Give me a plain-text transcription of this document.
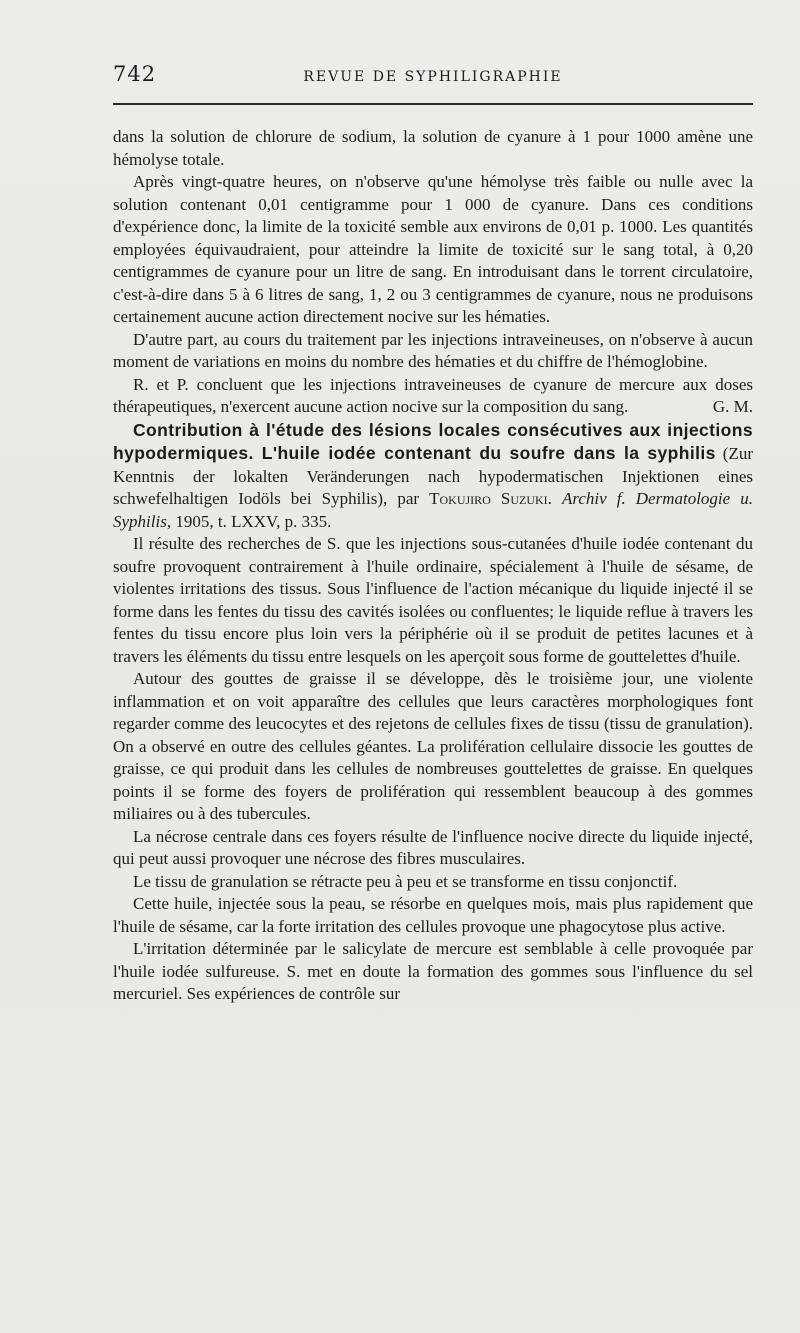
742	REVUE DE SYPHILIGRAPHIE

dans la solution de chlorure de sodium, la solution de cyanure à 1 pour 1000 amène une hémolyse totale.

Après vingt-quatre heures, on n'observe qu'une hémolyse très faible ou nulle avec la solution contenant 0,01 centigramme pour 1 000 de cyanure. Dans ces conditions d'expérience donc, la limite de la toxicité semble aux environs de 0,01 p. 1000. Les quantités employées équivaudraient, pour atteindre la limite de toxicité sur le sang total, à 0,20 centigrammes de cyanure pour un litre de sang. En introduisant dans le torrent circulatoire, c'est-à-dire dans 5 à 6 litres de sang, 1, 2 ou 3 centigrammes de cyanure, nous ne produisons certainement aucune action directement nocive sur les hématies.

D'autre part, au cours du traitement par les injections intraveineuses, on n'observe à aucun moment de variations en moins du nombre des hématies et du chiffre de l'hémoglobine.

R. et P. concluent que les injections intraveineuses de cyanure de mercure aux doses thérapeutiques, n'exercent aucune action nocive sur la composition du sang.	G. M.

Contribution à l'étude des lésions locales consécutives aux injections hypodermiques. L'huile iodée contenant du soufre dans la syphilis (Zur Kenntnis der lokalten Veränderungen nach hypodermatischen Injektionen eines schwefelhaltigen Iodöls bei Syphilis), par Tokujiro Suzuki. Archiv f. Dermatologie u. Syphilis, 1905, t. LXXV, p. 335.

Il résulte des recherches de S. que les injections sous-cutanées d'huile iodée contenant du soufre provoquent contrairement à l'huile ordinaire, spécialement à l'huile de sésame, de violentes irritations des tissus. Sous l'influence de l'action mécanique du liquide injecté il se forme dans les fentes du tissu des cavités isolées ou confluentes; le liquide reflue à travers les fentes du tissu encore plus loin vers la périphérie où il se produit de petites lacunes et à travers les éléments du tissu entre lesquels on les aperçoit sous forme de gouttelettes d'huile.

Autour des gouttes de graisse il se développe, dès le troisième jour, une violente inflammation et on voit apparaître des cellules que leurs caractères morphologiques font regarder comme des leucocytes et des rejetons de cellules fixes de tissu (tissu de granulation). On a observé en outre des cellules géantes. La prolifération cellulaire dissocie les gouttes de graisse, ce qui produit dans les cellules de nombreuses gouttelettes de graisse. En quelques points il se forme des foyers de prolifération qui ressemblent beaucoup à des gommes miliaires ou à des tubercules.

La nécrose centrale dans ces foyers résulte de l'influence nocive directe du liquide injecté, qui peut aussi provoquer une nécrose des fibres musculaires.

Le tissu de granulation se rétracte peu à peu et se transforme en tissu conjonctif.

Cette huile, injectée sous la peau, se résorbe en quelques mois, mais plus rapidement que l'huile de sésame, car la forte irritation des cellules provoque une phagocytose plus active.

L'irritation déterminée par le salicylate de mercure est semblable à celle provoquée par l'huile iodée sulfureuse. S. met en doute la formation des gommes sous l'influence du sel mercuriel. Ses expériences de contrôle sur
